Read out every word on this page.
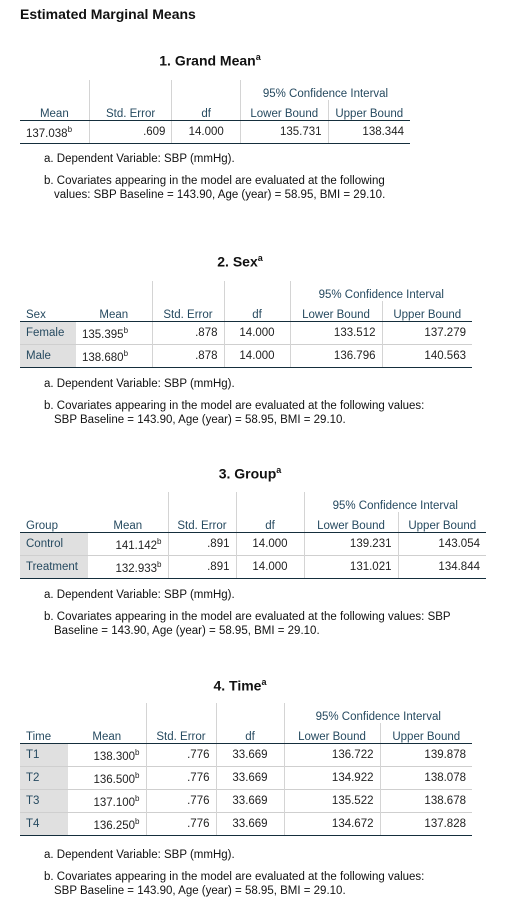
Estimated Marginal Means
1. Grand Mean$^a$
			95% Confidence Interval	
Mean	Std. Error	df	Lower Bound	Upper Bound
137.038$^b$	.609	14.000	135.731	138.344

a. Dependent Variable: SBP (mmHg).

b. Covariates appearing in the model are evaluated at the following values: SBP Baseline = 143.90, Age (year) = 58.95, BMI = 29.10.

2. Sex$^a$
				95% Confidence Interval	
Sex	Mean	Std. Error	df	Lower Bound	Upper Bound
Female	135.395$^b$	.878	14.000	133.512	137.279
Male	138.680$^b$	.878	14.000	136.796	140.563

a. Dependent Variable: SBP (mmHg).

b. Covariates appearing in the model are evaluated at the following values: SBP Baseline = 143.90, Age (year) = 58.95, BMI = 29.10.

3. Group$^a$
				95% Confidence Interval	
Group	Mean	Std. Error	df	Lower Bound	Upper Bound
Control	141.142$^b$	.891	14.000	139.231	143.054
Treatment	132.933$^b$	.891	14.000	131.021	134.844

a. Dependent Variable: SBP (mmHg).

b. Covariates appearing in the model are evaluated at the following values: SBP Baseline = 143.90, Age (year) = 58.95, BMI = 29.10.

4. Time$^a$
				95% Confidence Interval	
Time	Mean	Std. Error	df	Lower Bound	Upper Bound
T1	138.300$^b$	.776	33.669	136.722	139.878
T2	136.500$^b$	.776	33.669	134.922	138.078
T3	137.100$^b$	.776	33.669	135.522	138.678
T4	136.250$^b$	.776	33.669	134.672	137.828

a. Dependent Variable: SBP (mmHg).

b. Covariates appearing in the model are evaluated at the following values: SBP Baseline = 143.90, Age (year) = 58.95, BMI = 29.10.
